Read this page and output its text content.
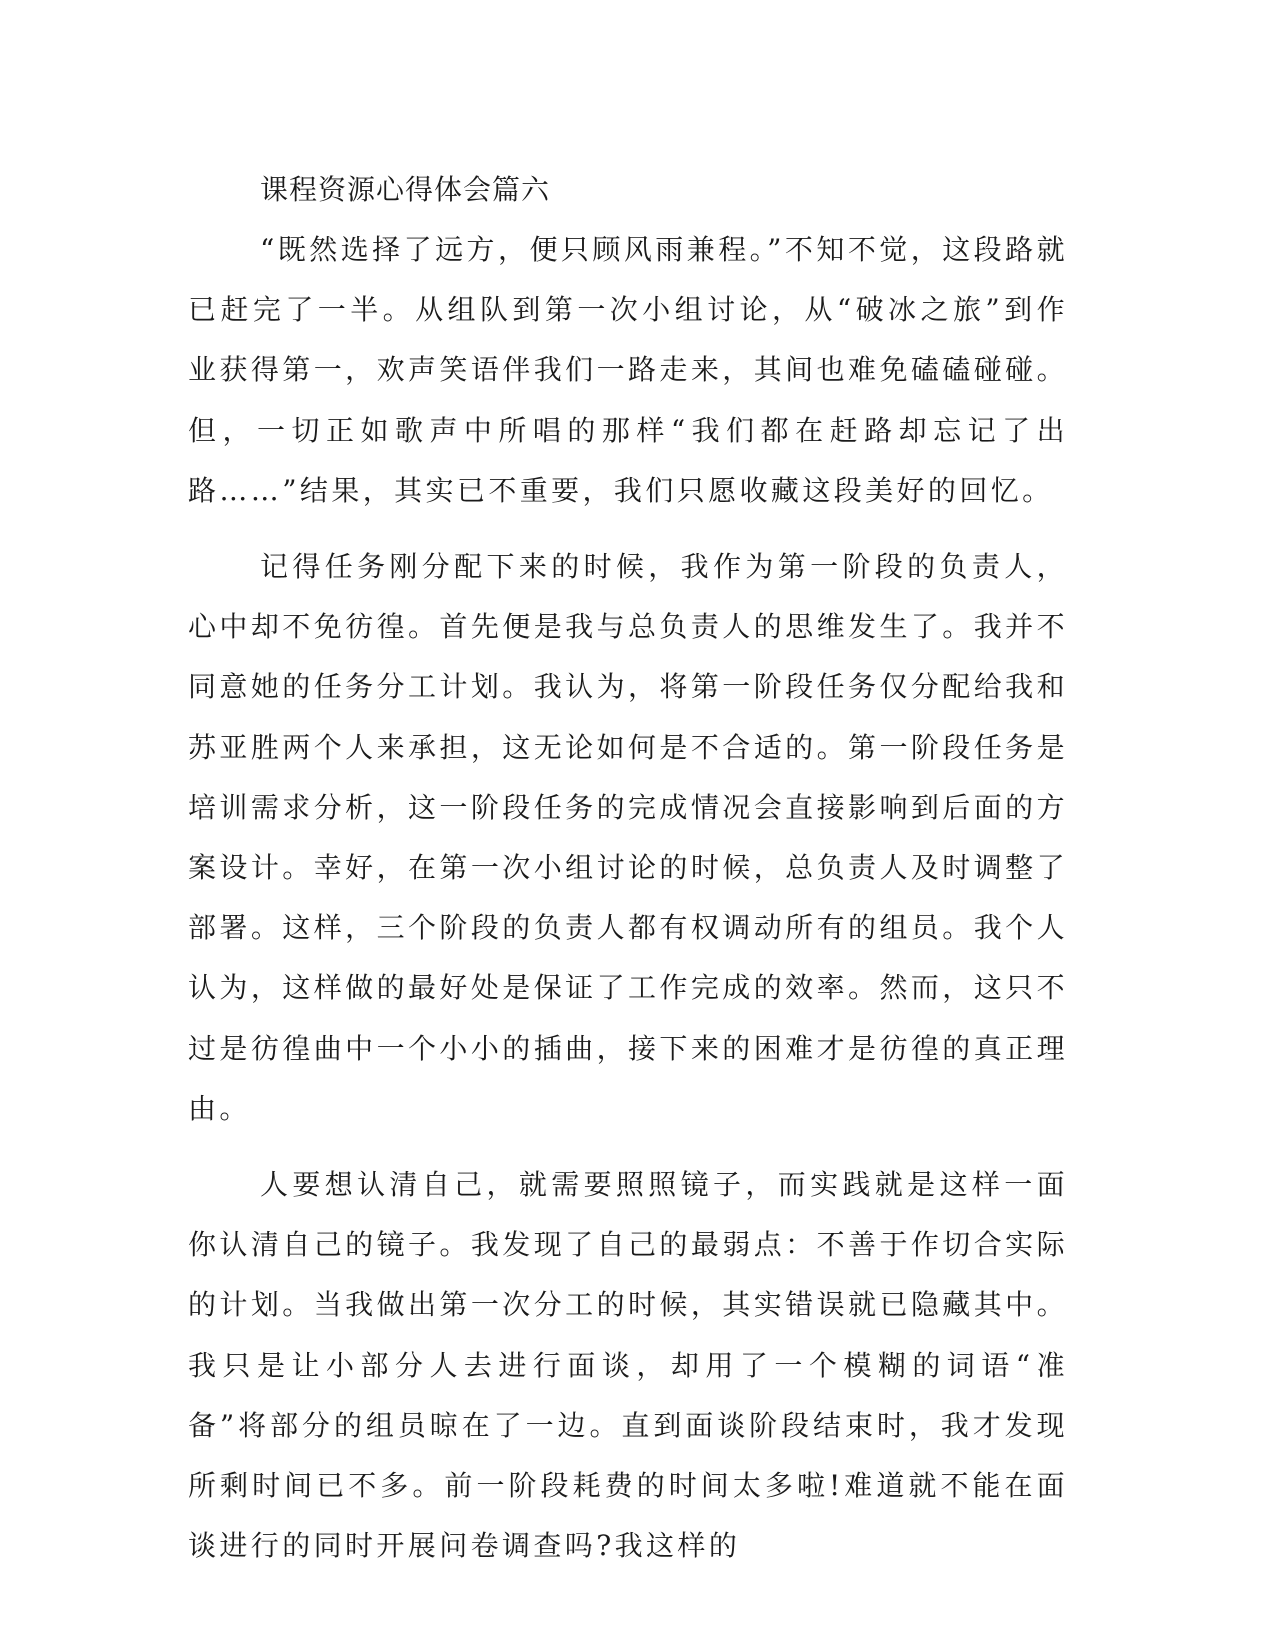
课程资源心得体会篇六

“既然选择了远方，便只顾风雨兼程。”不知不觉，这段路就已赶完了一半。从组队到第一次小组讨论，从“破冰之旅”到作业获得第一，欢声笑语伴我们一路走来，其间也难免磕磕碰碰。但，一切正如歌声中所唱的那样“我们都在赶路却忘记了出路……”结果，其实已不重要，我们只愿收藏这段美好的回忆。

记得任务刚分配下来的时候，我作为第一阶段的负责人，心中却不免彷徨。首先便是我与总负责人的思维发生了。我并不同意她的任务分工计划。我认为，将第一阶段任务仅分配给我和苏亚胜两个人来承担，这无论如何是不合适的。第一阶段任务是培训需求分析，这一阶段任务的完成情况会直接影响到后面的方案设计。幸好，在第一次小组讨论的时候，总负责人及时调整了部署。这样，三个阶段的负责人都有权调动所有的组员。我个人认为，这样做的最好处是保证了工作完成的效率。然而，这只不过是彷徨曲中一个小小的插曲，接下来的困难才是彷徨的真正理由。

人要想认清自己，就需要照照镜子，而实践就是这样一面你认清自己的镜子。我发现了自己的最弱点：不善于作切合实际的计划。当我做出第一次分工的时候，其实错误就已隐藏其中。我只是让小部分人去进行面谈，却用了一个模糊的词语“准备”将部分的组员晾在了一边。直到面谈阶段结束时，我才发现所剩时间已不多。前一阶段耗费的时间太多啦!难道就不能在面谈进行的同时开展问卷调查吗?我这样的
